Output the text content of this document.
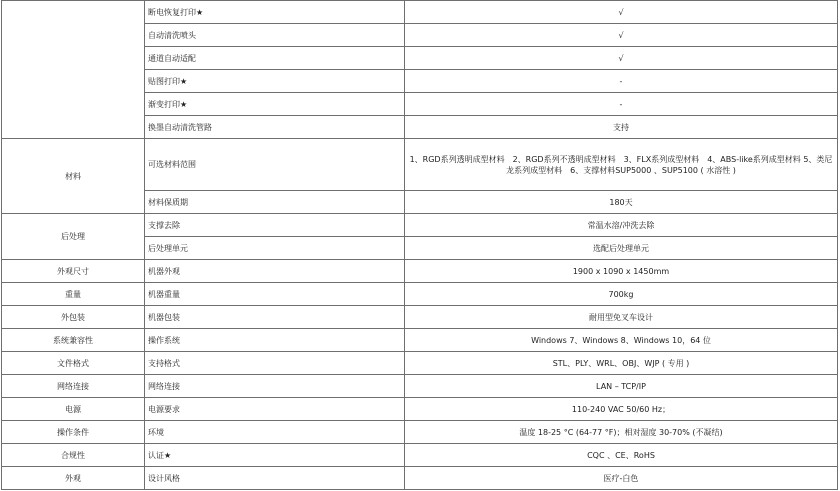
	断电恢复打印★	√
	自动清洗喷头	√
	通道自动适配	√
	贴图打印★	-
	渐变打印★	-
	换墨自动清洗管路	支持
材料	可选材料范围	1、RGD系列透明成型材料　2、RGD系列不透明成型材料　3、FLX系列成型材料　4、ABS-like系列成型材料 5、类尼龙系列成型材料　6、支撑材料SUP5000 、SUP5100 ( 水溶性 )
	材料保质期	180天
后处理	支撑去除	常温水溶/冲洗去除
	后处理单元	选配后处理单元
外观尺寸	机器外观	1900 x 1090 x 1450mm
重量	机器重量	700kg
外包装	机器包装	耐用型免叉车设计
系统兼容性	操作系统	Windows 7、Windows 8、Windows 10，64 位
文件格式	支持格式	STL、PLY、WRL、OBJ、WJP ( 专用 )
网络连接	网络连接	LAN – TCP/IP
电源	电源要求	110-240 VAC 50/60 Hz；
操作条件	环境	温度 18-25 °C (64-77 °F)；相对湿度 30-70% (不凝结)
合规性	认证★	CQC 、CE、RoHS
外观	设计风格	医疗-白色
